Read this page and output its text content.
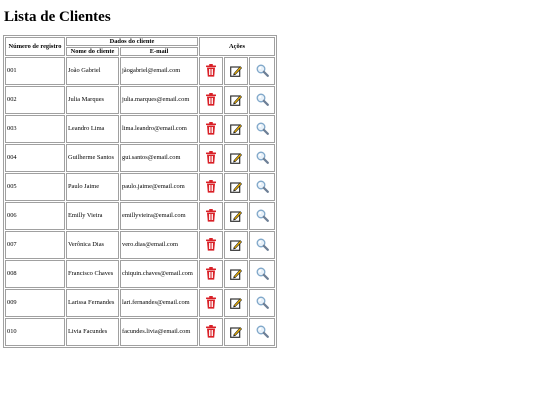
Lista de Clientes
Número de registro	Dados do cliente		Ações		
	Nome do cliente	E-mail			
001	João Gabriel	jãogabriel@email.com	

002	Julia Marques	julia.marques@email.com	

003	Leandro Lima	lima.leandro@email.com	

004	Guilherme Santos	gui.santos@email.com	

005	Paulo Jaime	paulo.jaime@email.com	

006	Emilly Vieira	emillyvieira@email.com	

007	Verônica Dias	vero.dias@email.com	

008	Francisco Chaves	chiquin.chaves@email.com	

009	Larissa Fernandes	lari.fernandes@email.com	

010	Livia Facundes	facundes.livia@email.com	
